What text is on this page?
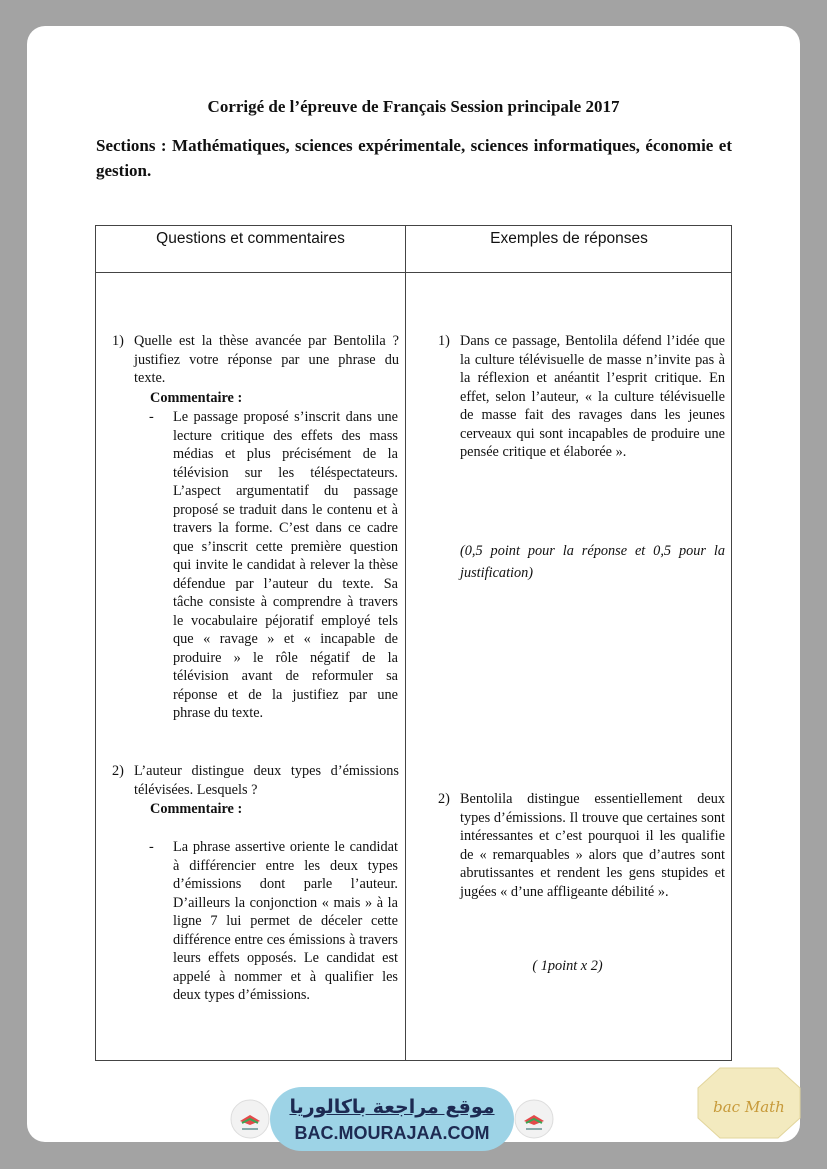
Corrigé de l’épreuve de Français Session principale 2017
Sections : Mathématiques, sciences expérimentale, sciences informatiques, économie et gestion.
Questions et commentaires	Exemples de réponses
1) Quelle est la thèse avancée par Bentolila ? justifiez votre réponse par une phrase du texte.
Commentaire :
- Le passage proposé s’inscrit dans une lecture critique des effets des mass médias et plus précisément de la télévision sur les téléspectateurs. L’aspect argumentatif du passage proposé se traduit dans le contenu et à travers la forme. C’est dans ce cadre que s’inscrit cette première question qui invite le candidat à relever la thèse défendue par l’auteur du texte. Sa tâche consiste à comprendre à travers le vocabulaire péjoratif employé tels que « ravage » et « incapable de produire » le rôle négatif de la télévision avant de reformuler sa réponse et de la justifiez par une phrase du texte.
1) Dans ce passage, Bentolila défend l’idée que la culture télévisuelle de masse n’invite pas à la réflexion et anéantit l’esprit critique. En effet, selon l’auteur, « la culture télévisuelle de masse fait des ravages dans les jeunes cerveaux qui sont incapables de produire une pensée critique et élaborée ».
(0,5 point pour la réponse et 0,5 pour la justification)
2) L’auteur distingue deux types d’émissions télévisées. Lesquels ?
Commentaire :
- La phrase assertive oriente le candidat à différencier entre les deux types d’émissions dont parle l’auteur. D’ailleurs la conjonction « mais » à la ligne 7 lui permet de déceler cette différence entre ces émissions à travers leurs effets opposés. Le candidat est appelé à nommer et à qualifier les deux types d’émissions.
2) Bentolila distingue essentiellement deux types d’émissions. Il trouve que certaines sont intéressantes et c’est pourquoi il les qualifie de « remarquables » alors que d’autres sont abrutissantes et rendent les gens stupides et jugées « d’une affligeante débilité ».
( 1point x 2)
موقع مراجعة باكالوريا
BAC.MOURAJAA.COM
bac Math
